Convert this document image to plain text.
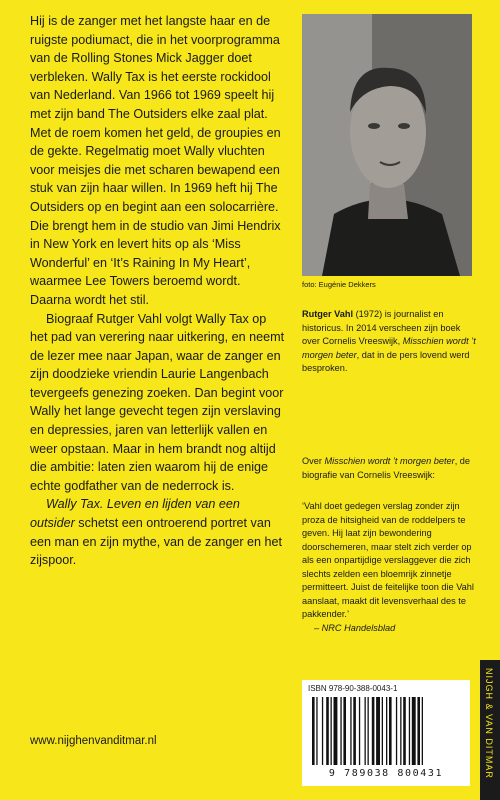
Hij is de zanger met het langste haar en de ruigste podiumact, die in het voorprogramma van de Rolling Stones Mick Jagger doet verbleken. Wally Tax is het eerste rockidool van Nederland. Van 1966 tot 1969 speelt hij met zijn band The Outsiders elke zaal plat. Met de roem komen het geld, de groupies en de gekte. Regelmatig moet Wally vluchten voor meisjes die met scharen bewapend een stuk van zijn haar willen. In 1969 heft hij The Outsiders op en begint aan een solocarrière. Die brengt hem in de studio van Jimi Hendrix in New York en levert hits op als ‘Miss Wonderful’ en ‘It’s Raining In My Heart’, waarmee Lee Towers beroemd wordt. Daarna wordt het stil.

Biograaf Rutger Vahl volgt Wally Tax op het pad van verering naar uitkering, en neemt de lezer mee naar Japan, waar de zanger en zijn doodzieke vriendin Laurie Langenbach tevergeefs genezing zoeken. Dan begint voor Wally het lange gevecht tegen zijn verslaving en depressies, jaren van letterlijk vallen en weer opstaan. Maar in hem brandt nog altijd die ambitie: laten zien waarom hij de enige echte godfather van de nederrock is.

Wally Tax. Leven en lijden van een outsider schetst een ontroerend portret van een man en zijn mythe, van de zanger en het zijspoor.

foto: Eugénie Dekkers

Rutger Vahl (1972) is journalist en historicus. In 2014 verscheen zijn boek over Cornelis Vreeswijk, Misschien wordt ’t morgen beter, dat in de pers lovend werd besproken.

Over Misschien wordt ’t morgen beter, de biografie van Cornelis Vreeswijk:

‘Vahl doet gedegen verslag zonder zijn proza de hitsigheid van de roddelpers te geven. Hij laat zijn bewondering doorschemeren, maar stelt zich verder op als een onpartijdige verslaggever die zich slechts zelden een bloemrijk zinnetje permitteert. Juist de feitelijke toon die Vahl aanslaat, maakt dit levensverhaal des te pakkender.’

– NRC Handelsblad

www.nijghenvanditmar.nl
ISBN 978-90-388-0043-1
9 789038 800431	NIJGH & VAN DITMAR
